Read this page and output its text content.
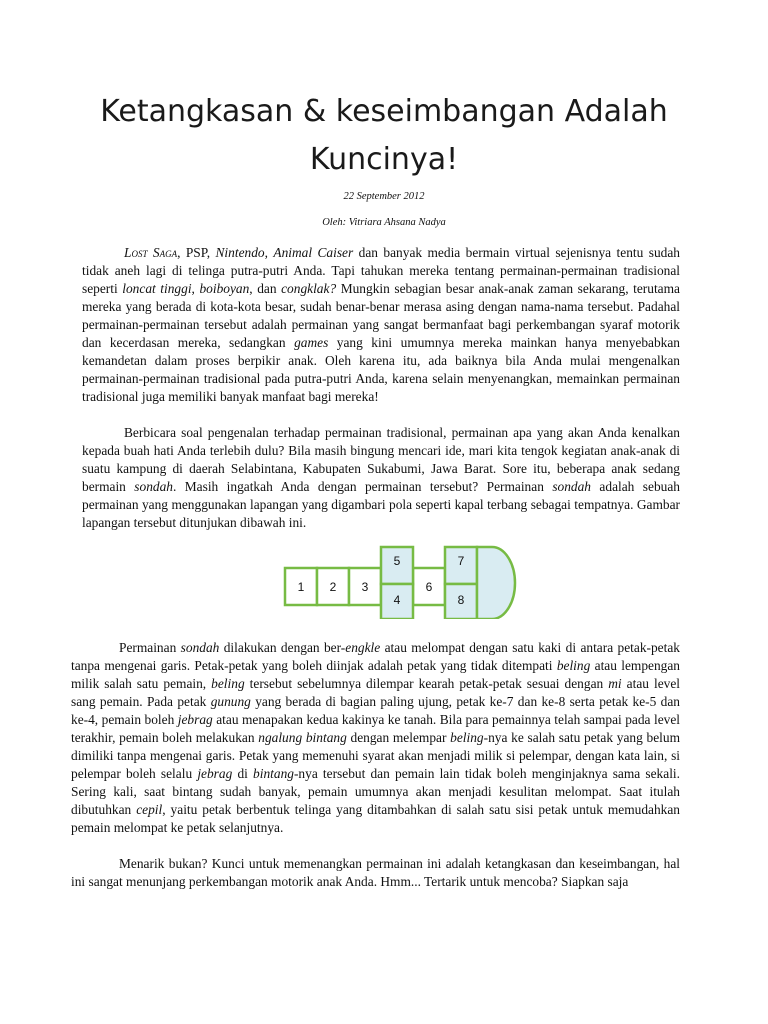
Ketangkasan & keseimbangan Adalah
Kuncinya!
22 September 2012
Oleh: Vitriara Ahsana Nadya

Lost Saga, PSP, Nintendo, Animal Caiser dan banyak media bermain virtual sejenisnya tentu sudah tidak aneh lagi di telinga putra-putri Anda. Tapi tahukan mereka tentang permainan-permainan tradisional seperti loncat tinggi, boiboyan, dan congklak? Mungkin sebagian besar anak-anak zaman sekarang, terutama mereka yang berada di kota-kota besar, sudah benar-benar merasa asing dengan nama-nama tersebut. Padahal permainan-permainan tersebut adalah permainan yang sangat bermanfaat bagi perkembangan syaraf motorik dan kecerdasan mereka, sedangkan games yang kini umumnya mereka mainkan hanya menyebabkan kemandetan dalam proses berpikir anak. Oleh karena itu, ada baiknya bila Anda mulai mengenalkan permainan-permainan tradisional pada putra-putri Anda, karena selain menyenangkan, memainkan permainan tradisional juga memiliki banyak manfaat bagi mereka!

Berbicara soal pengenalan terhadap permainan tradisional, permainan apa yang akan Anda kenalkan kepada buah hati Anda terlebih dulu? Bila masih bingung mencari ide, mari kita tengok kegiatan anak-anak di suatu kampung di daerah Selabintana, Kabupaten Sukabumi, Jawa Barat. Sore itu, beberapa anak sedang bermain sondah. Masih ingatkah Anda dengan permainan tersebut? Permainan sondah adalah sebuah permainan yang menggunakan lapangan yang digambari pola seperti kapal terbang sebagai tempatnya. Gambar lapangan tersebut ditunjukan dibawah ini.

1 2 3
4
5
6
7
8

Permainan sondah dilakukan dengan ber-engkle atau melompat dengan satu kaki di antara petak-petak tanpa mengenai garis. Petak-petak yang boleh diinjak adalah petak yang tidak ditempati beling atau lempengan milik salah satu pemain, beling tersebut sebelumnya dilempar kearah petak-petak sesuai dengan mi atau level sang pemain. Pada petak gunung yang berada di bagian paling ujung, petak ke-7 dan ke-8 serta petak ke-5 dan ke-4, pemain boleh jebrag atau menapakan kedua kakinya ke tanah. Bila para pemainnya telah sampai pada level terakhir, pemain boleh melakukan ngalung bintang dengan melempar beling-nya ke salah satu petak yang belum dimiliki tanpa mengenai garis. Petak yang memenuhi syarat akan menjadi milik si pelempar, dengan kata lain, si pelempar boleh selalu jebrag di bintang-nya tersebut dan pemain lain tidak boleh menginjaknya sama sekali. Sering kali, saat bintang sudah banyak, pemain umumnya akan menjadi kesulitan melompat. Saat itulah dibutuhkan cepil, yaitu petak berbentuk telinga yang ditambahkan di salah satu sisi petak untuk memudahkan pemain melompat ke petak selanjutnya.

Menarik bukan? Kunci untuk memenangkan permainan ini adalah ketangkasan dan keseimbangan, hal ini sangat menunjang perkembangan motorik anak Anda. Hmm... Tertarik untuk mencoba? Siapkan saja
